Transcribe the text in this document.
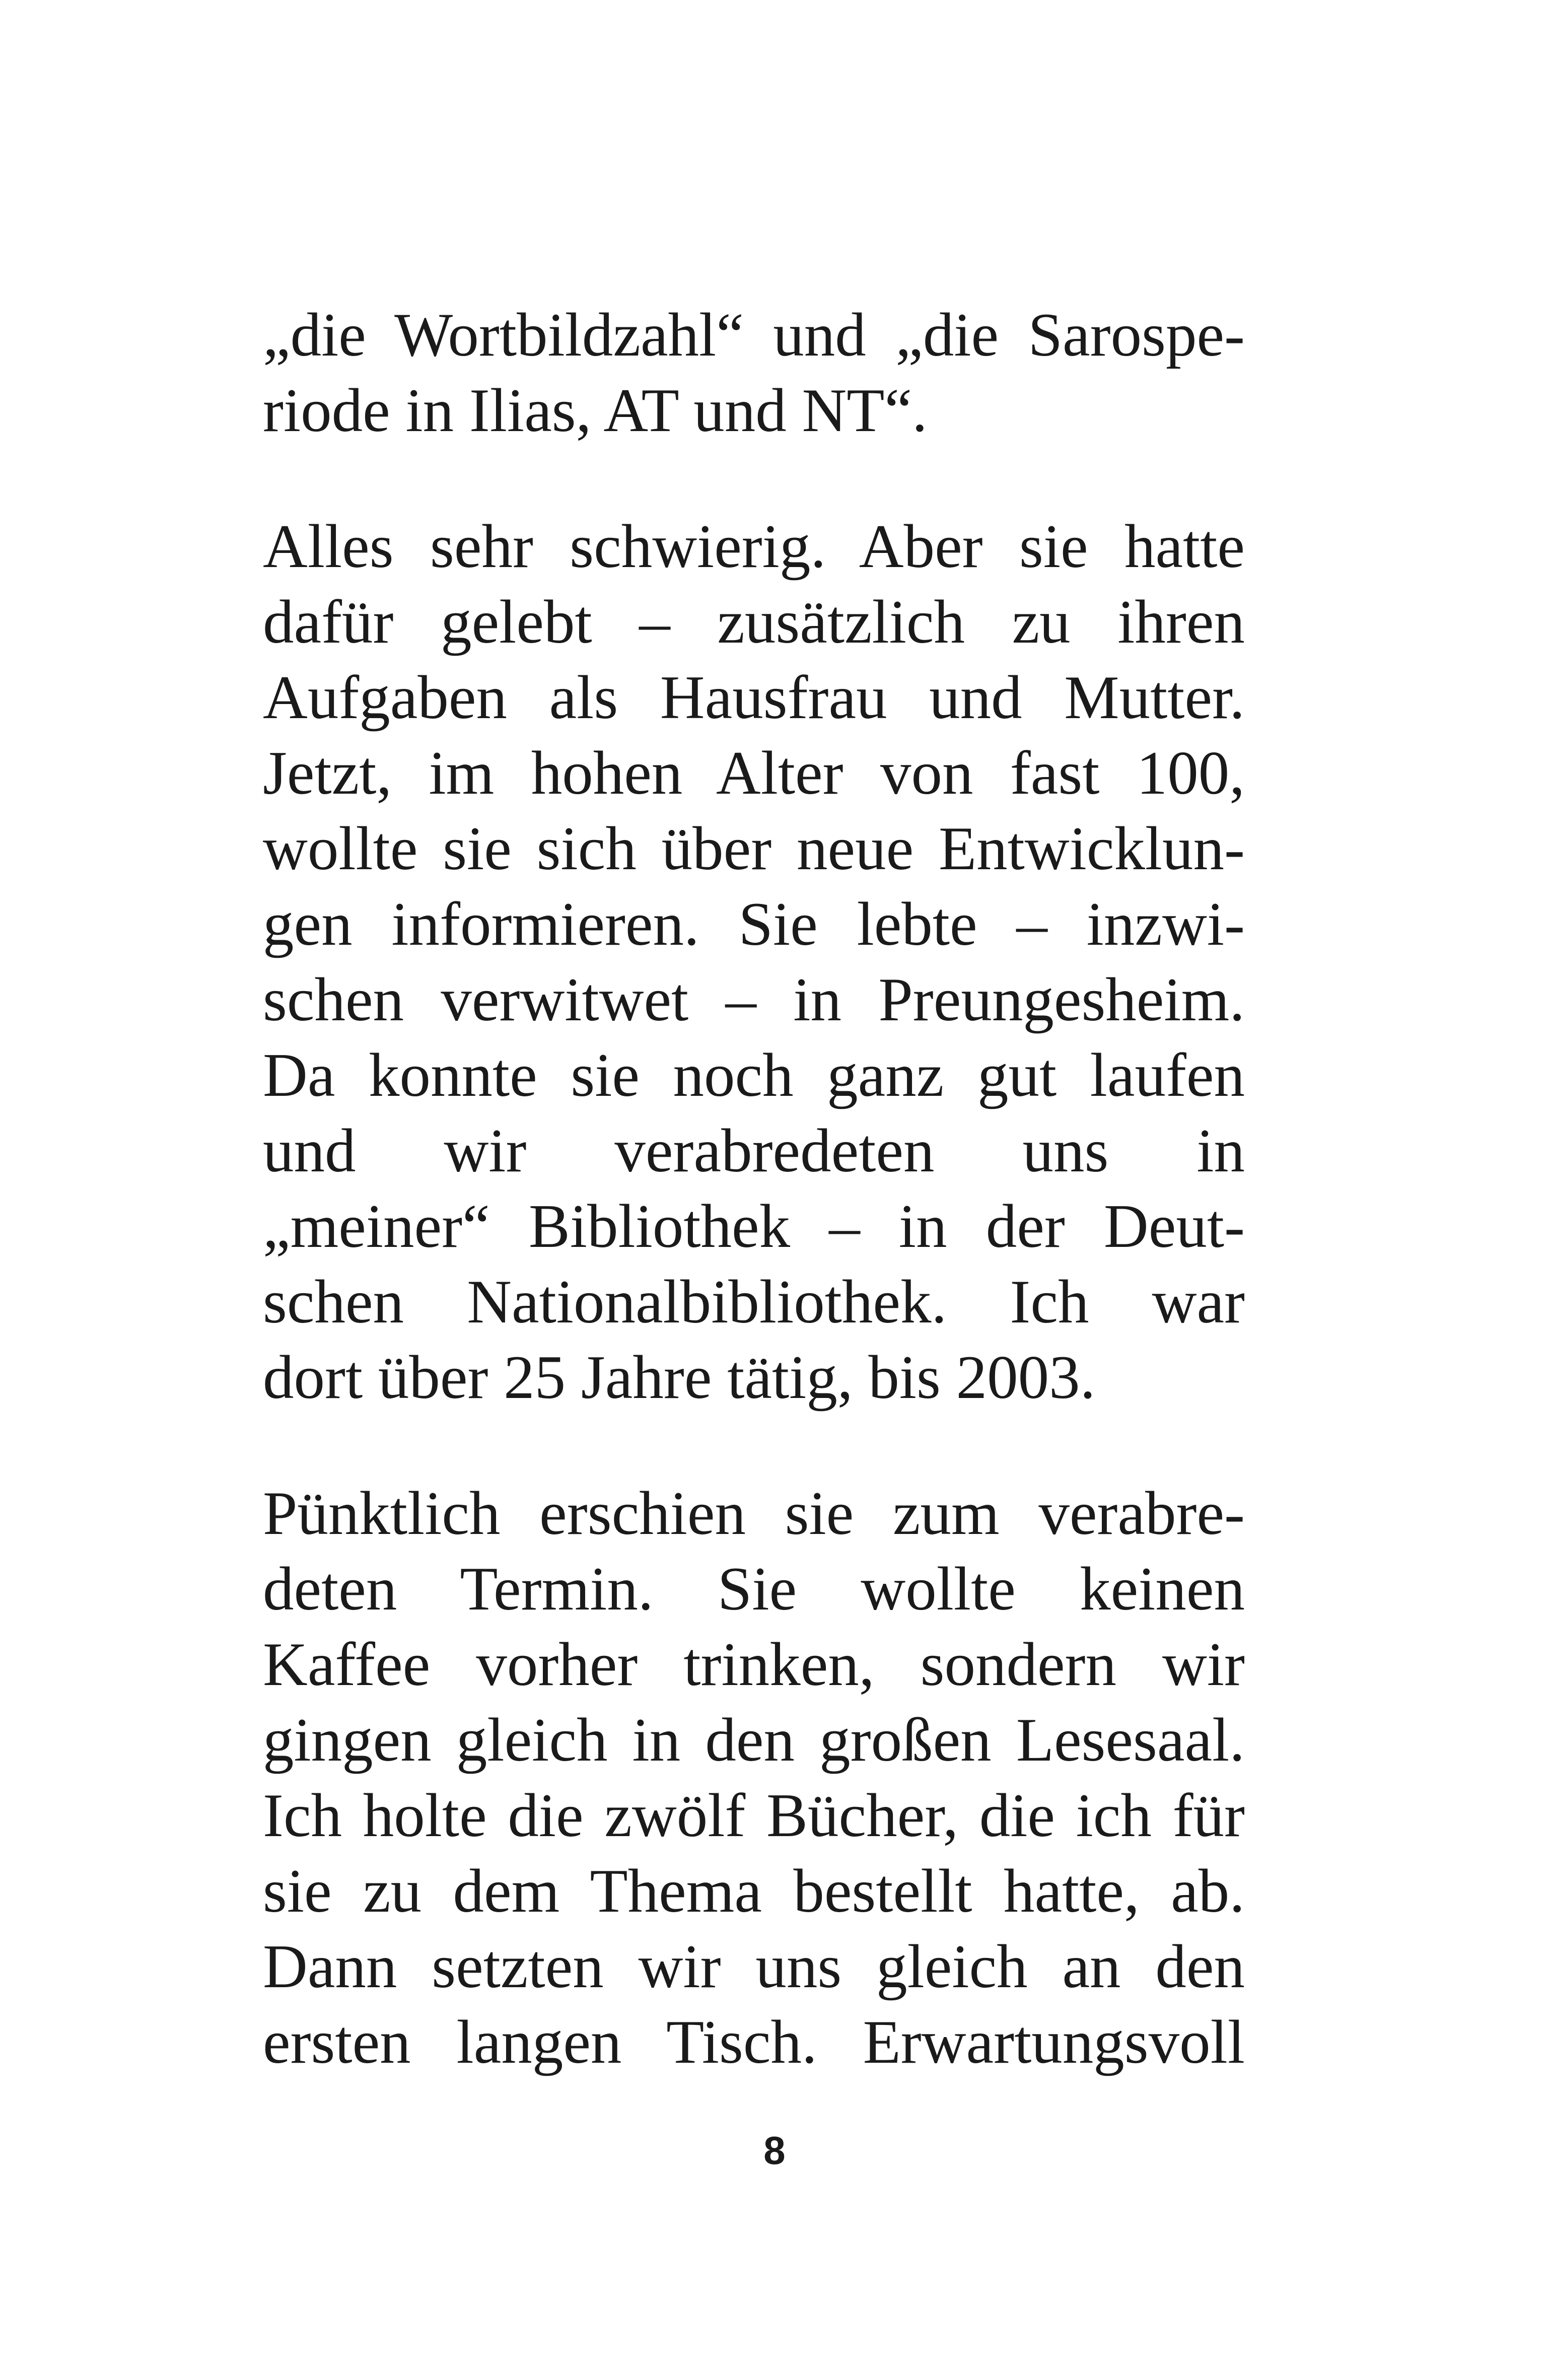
„die Wortbildzahl“ und „die Sarospe-
riode in Ilias, AT und NT“.
Alles sehr schwierig. Aber sie hatte
dafür gelebt – zusätzlich zu ihren
Aufgaben als Hausfrau und Mutter.
Jetzt, im hohen Alter von fast 100,
wollte sie sich über neue Entwicklun-
gen informieren. Sie lebte – inzwi-
schen verwitwet – in Preungesheim.
Da konnte sie noch ganz gut laufen
und wir verabredeten uns in
„meiner“ Bibliothek – in der Deut-
schen Nationalbibliothek. Ich war
dort über 25 Jahre tätig, bis 2003.
Pünktlich erschien sie zum verabre-
deten Termin. Sie wollte keinen
Kaffee vorher trinken, sondern wir
gingen gleich in den großen Lesesaal.
Ich holte die zwölf Bücher, die ich für
sie zu dem Thema bestellt hatte, ab.
Dann setzten wir uns gleich an den
ersten langen Tisch. Erwartungsvoll
8
